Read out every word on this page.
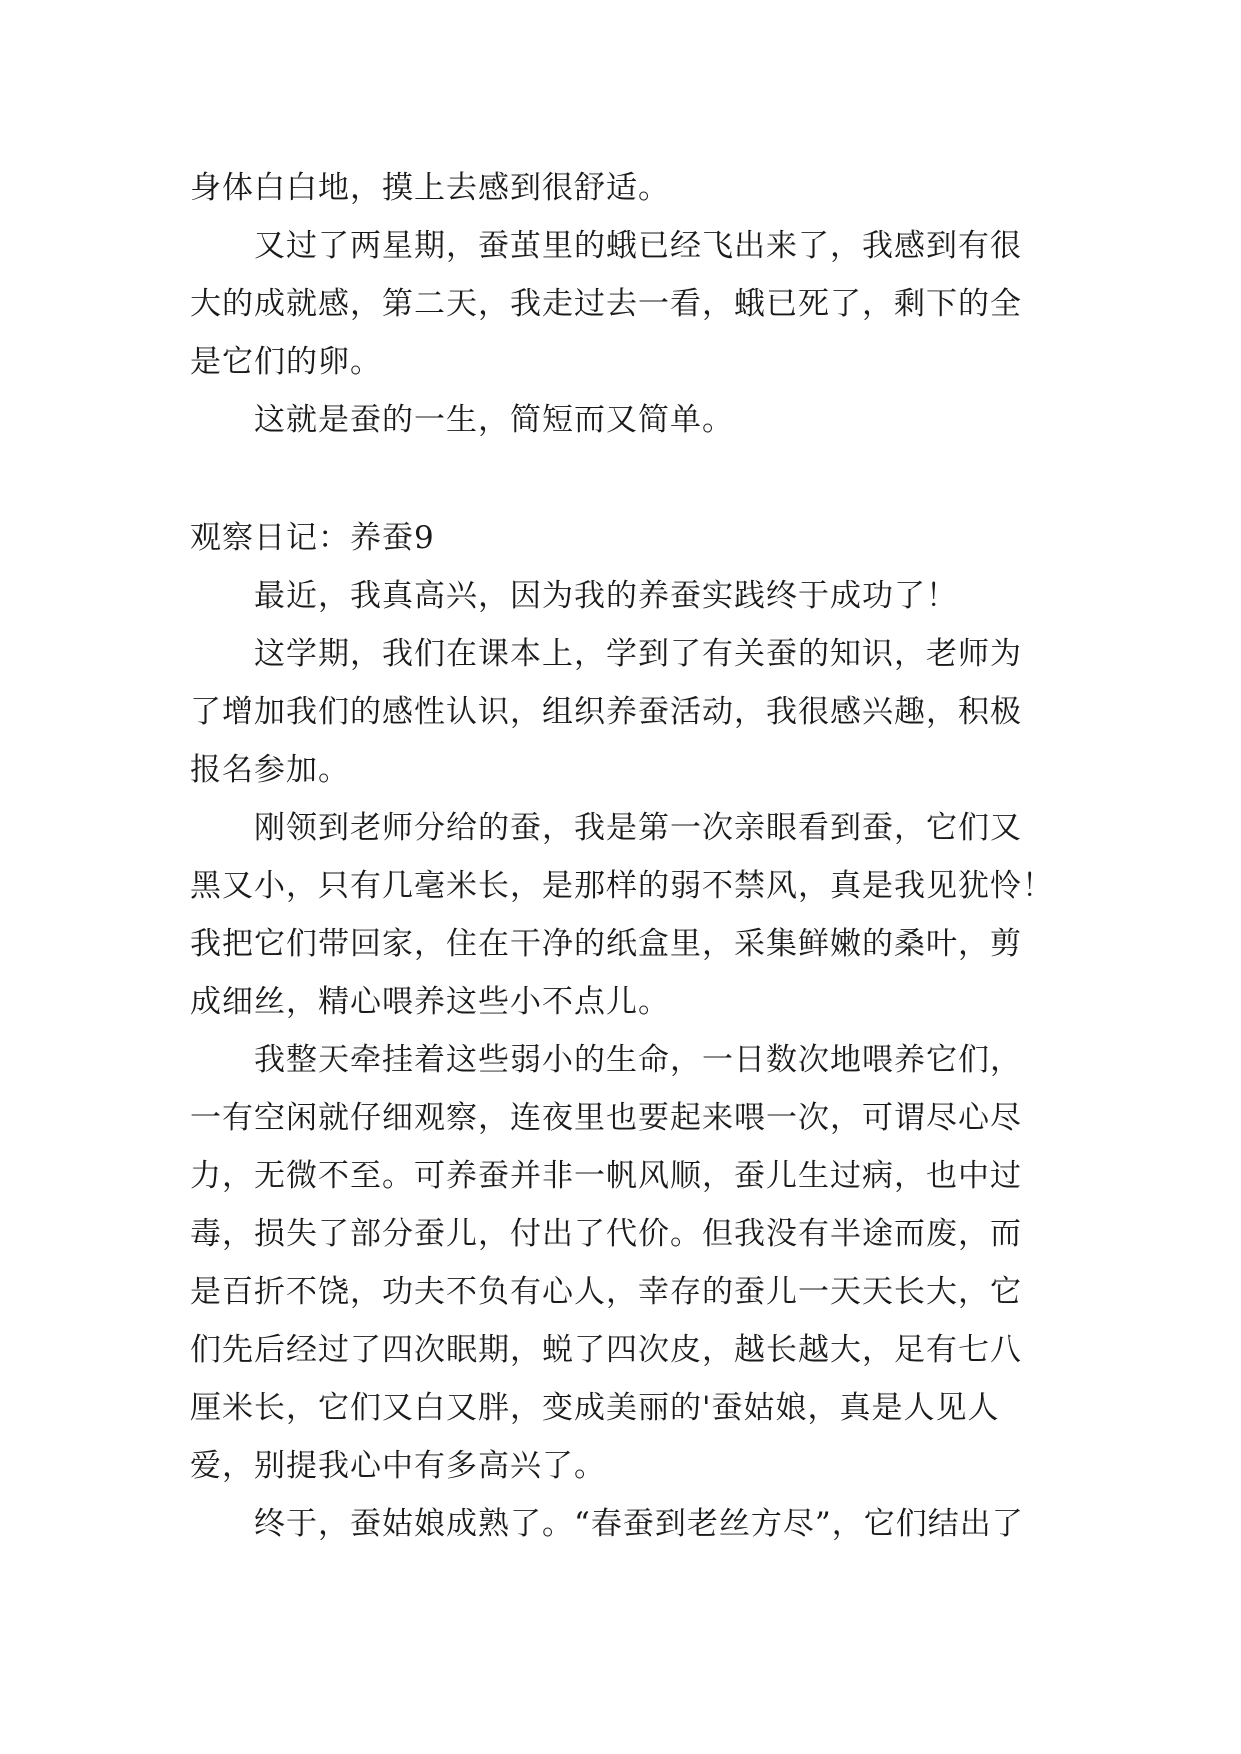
身体白白地，摸上去感到很舒适。
又过了两星期，蚕茧里的蛾已经飞出来了，我感到有很
大的成就感，第二天，我走过去一看，蛾已死了，剩下的全
是它们的卵。
这就是蚕的一生，简短而又简单。
观察日记：养蚕9
最近，我真高兴，因为我的养蚕实践终于成功了！
这学期，我们在课本上，学到了有关蚕的知识，老师为
了增加我们的感性认识，组织养蚕活动，我很感兴趣，积极
报名参加。
刚领到老师分给的蚕，我是第一次亲眼看到蚕，它们又
黑又小，只有几毫米长，是那样的弱不禁风，真是我见犹怜！
我把它们带回家，住在干净的纸盒里，采集鲜嫩的桑叶，剪
成细丝，精心喂养这些小不点儿。
我整天牵挂着这些弱小的生命，一日数次地喂养它们，
一有空闲就仔细观察，连夜里也要起来喂一次，可谓尽心尽
力，无微不至。可养蚕并非一帆风顺，蚕儿生过病，也中过
毒，损失了部分蚕儿，付出了代价。但我没有半途而废，而
是百折不饶，功夫不负有心人，幸存的蚕儿一天天长大，它
们先后经过了四次眠期，蜕了四次皮，越长越大，足有七八
厘米长，它们又白又胖，变成美丽的'蚕姑娘，真是人见人
爱，别提我心中有多高兴了。
终于，蚕姑娘成熟了。“春蚕到老丝方尽”，它们结出了
